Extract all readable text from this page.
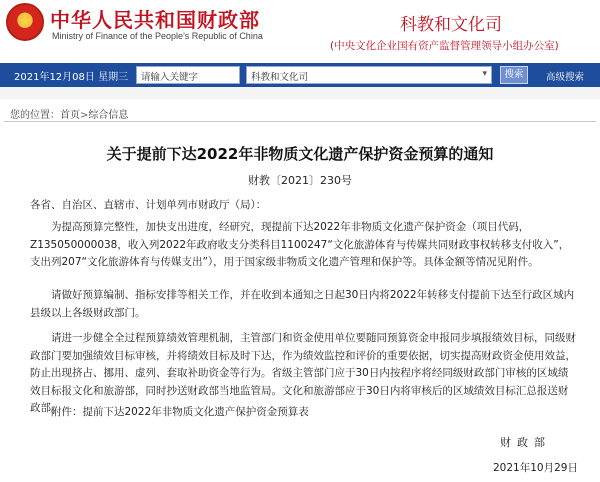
★
中华人民共和国财政部
Ministry of Finance of the People's Republic of China
科教和文化司
(中央文化企业国有资产监督管理领导小组办公室)
2021年12月08日 星期三	请输入关键字	科教和文化司	▾	搜索	高级搜索
您的位置：首页>综合信息
关于提前下达2022年非物质文化遗产保护资金预算的通知
财教〔2021〕230号
各省、自治区、直辖市、计划单列市财政厅（局）：
为提高预算完整性，加快支出进度，经研究，现提前下达2022年非物质文化遗产保护资金（项目代码，Z135050000038，收入列2022年政府收支分类科目1100247“文化旅游体育与传媒共同财政事权转移支付收入”，支出列207“文化旅游体育与传媒支出”），用于国家级非物质文化遗产管理和保护等。具体金额等情况见附件。
请做好预算编制、指标安排等相关工作，并在收到本通知之日起30日内将2022年转移支付提前下达至行政区域内县级以上各级财政部门。
请进一步健全全过程预算绩效管理机制，主管部门和资金使用单位要随同预算资金申报同步填报绩效目标，同级财政部门要加强绩效目标审核，并将绩效目标及时下达，作为绩效监控和评价的重要依据，切实提高财政资金使用效益，防止出现挤占、挪用、虚列、套取补助资金等行为。省级主管部门应于30日内按程序将经同级财政部门审核的区域绩效目标报文化和旅游部，同时抄送财政部当地监管局。文化和旅游部应于30日内将审核后的区域绩效目标汇总报送财政部。
附件：提前下达2022年非物质文化遗产保护资金预算表
财政部
2021年10月29日
